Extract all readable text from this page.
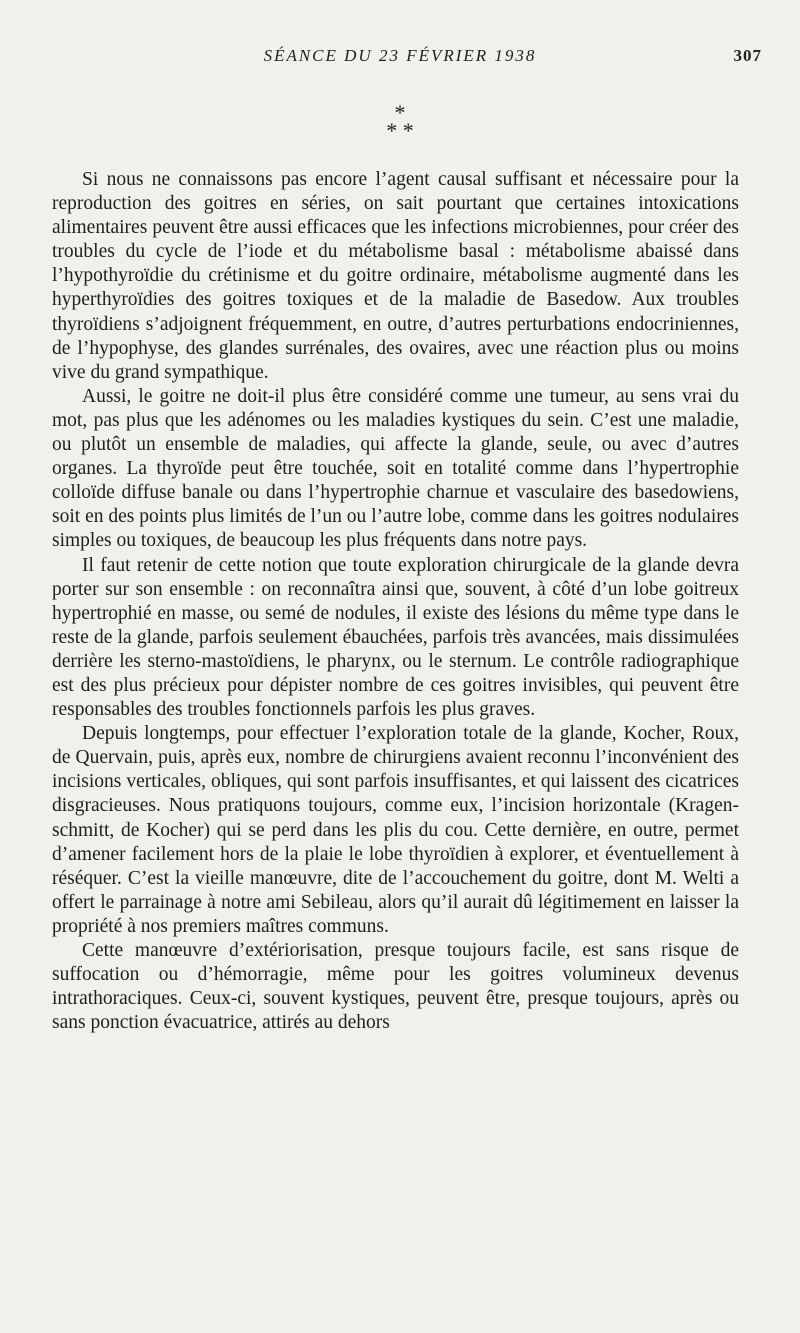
SÉANCE DU 23 FÉVRIER 1938	307
*
* *

Si nous ne connaissons pas encore l’agent causal suffisant et nécessaire pour la reproduction des goitres en séries, on sait pourtant que certaines intoxications alimentaires peuvent être aussi efficaces que les infections microbiennes, pour créer des troubles du cycle de l’iode et du métabolisme basal : métabolisme abaissé dans l’hypothyroïdie du crétinisme et du goitre ordinaire, métabolisme augmenté dans les hyperthyroïdies des goitres toxiques et de la maladie de Basedow. Aux troubles thyroïdiens s’adjoignent fréquemment, en outre, d’autres perturbations endocriniennes, de l’hypophyse, des glandes surrénales, des ovaires, avec une réaction plus ou moins vive du grand sympathique.

Aussi, le goitre ne doit-il plus être considéré comme une tumeur, au sens vrai du mot, pas plus que les adénomes ou les maladies kystiques du sein. C’est une maladie, ou plutôt un ensemble de maladies, qui affecte la glande, seule, ou avec d’autres organes. La thyroïde peut être touchée, soit en totalité comme dans l’hypertrophie colloïde diffuse banale ou dans l’hypertrophie charnue et vasculaire des basedowiens, soit en des points plus limités de l’un ou l’autre lobe, comme dans les goitres nodulaires simples ou toxiques, de beaucoup les plus fréquents dans notre pays.

Il faut retenir de cette notion que toute exploration chirurgicale de la glande devra porter sur son ensemble : on reconnaîtra ainsi que, souvent, à côté d’un lobe goitreux hypertrophié en masse, ou semé de nodules, il existe des lésions du même type dans le reste de la glande, parfois seulement ébauchées, parfois très avancées, mais dissimulées derrière les sterno-mastoïdiens, le pharynx, ou le sternum. Le contrôle radiographique est des plus précieux pour dépister nombre de ces goitres invisibles, qui peuvent être responsables des troubles fonctionnels parfois les plus graves.

Depuis longtemps, pour effectuer l’exploration totale de la glande, Kocher, Roux, de Quervain, puis, après eux, nombre de chirurgiens avaient reconnu l’inconvénient des incisions verticales, obliques, qui sont parfois insuffisantes, et qui laissent des cicatrices disgracieuses. Nous pratiquons toujours, comme eux, l’incision horizontale (Kragenschmitt, de Kocher) qui se perd dans les plis du cou. Cette dernière, en outre, permet d’amener facilement hors de la plaie le lobe thyroïdien à explorer, et éventuellement à réséquer. C’est la vieille manœuvre, dite de l’accouchement du goitre, dont M. Welti a offert le parrainage à notre ami Sebileau, alors qu’il aurait dû légitimement en laisser la propriété à nos premiers maîtres communs.

Cette manœuvre d’extériorisation, presque toujours facile, est sans risque de suffocation ou d’hémorragie, même pour les goitres volumineux devenus intrathoraciques. Ceux-ci, souvent kystiques, peuvent être, presque toujours, après ou sans ponction évacuatrice, attirés au dehors
